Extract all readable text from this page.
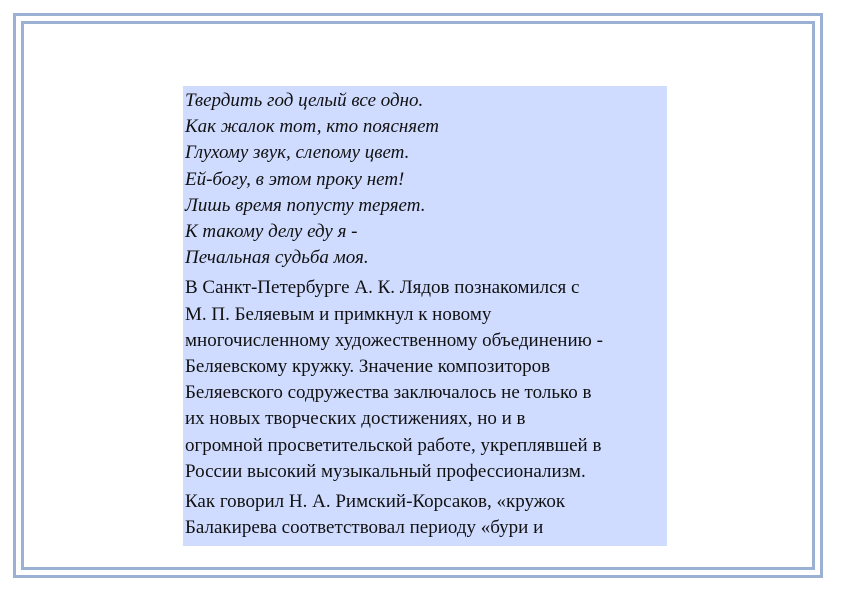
Твердить год целый все одно.
Как жалок тот, кто поясняет
Глухому звук, слепому цвет.
Ей-богу, в этом проку нет!
Лишь время попусту теряет.
К такому делу еду я -
Печальная судьба моя.
В Санкт-Петербурге А. К. Лядов познакомился с
М. П. Беляевым и примкнул к новому
многочисленному художественному объединению -
Беляевскому кружку. Значение композиторов
Беляевского содружества заключалось не только в
их новых творческих достижениях, но и в
огромной просветительской работе, укреплявшей в
России высокий музыкальный профессионализм.
Как говорил Н. А. Римский-Корсаков, «кружок
Балакирева соответствовал периоду «бури и
